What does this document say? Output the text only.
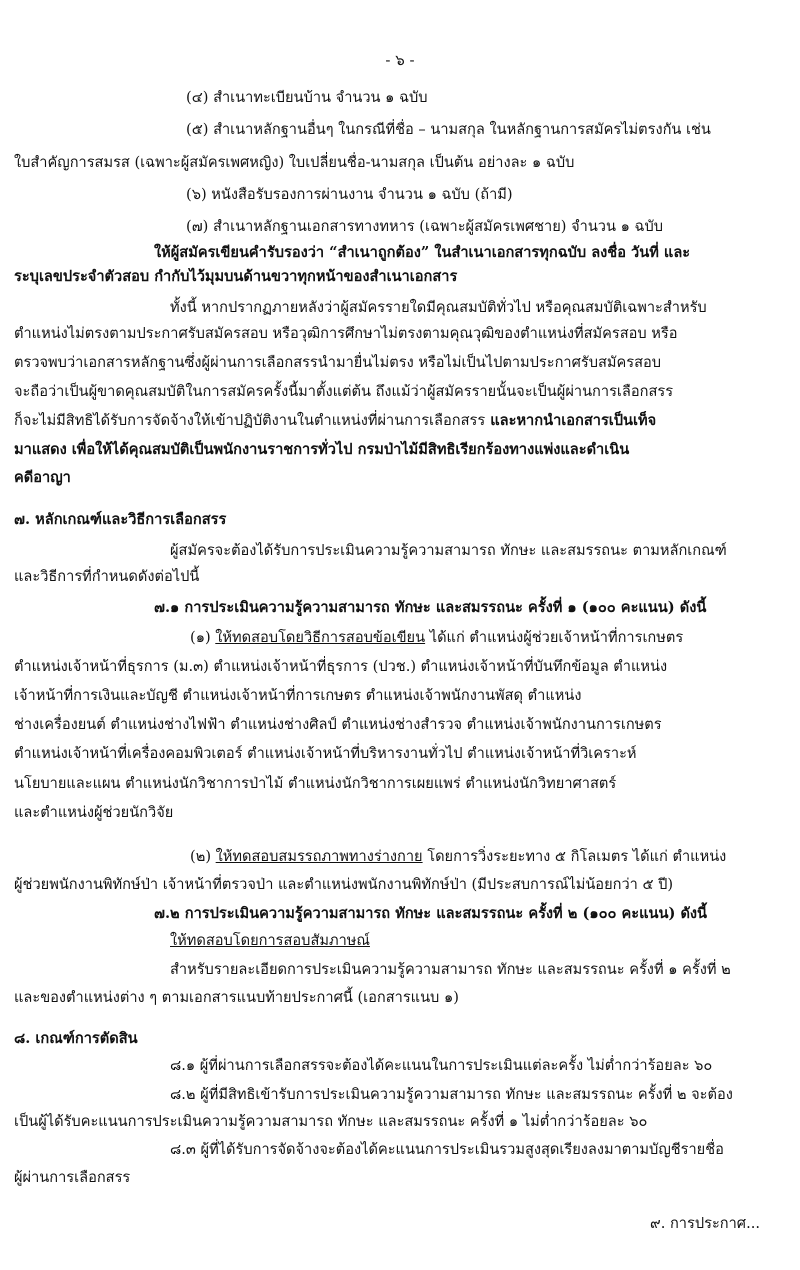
- ๖ -
(๔) สำเนาทะเบียนบ้าน จำนวน ๑ ฉบับ
(๕) สำเนาหลักฐานอื่นๆ ในกรณีที่ชื่อ – นามสกุล ในหลักฐานการสมัครไม่ตรงกัน เช่น
ใบสำคัญการสมรส (เฉพาะผู้สมัครเพศหญิง) ใบเปลี่ยนชื่อ-นามสกุล เป็นต้น อย่างละ ๑ ฉบับ
(๖) หนังสือรับรองการผ่านงาน จำนวน ๑ ฉบับ (ถ้ามี)
(๗) สำเนาหลักฐานเอกสารทางทหาร (เฉพาะผู้สมัครเพศชาย) จำนวน ๑ ฉบับ
ให้ผู้สมัครเขียนคำรับรองว่า “สำเนาถูกต้อง” ในสำเนาเอกสารทุกฉบับ ลงชื่อ วันที่ และ
ระบุเลขประจำตัวสอบ กำกับไว้มุมบนด้านขวาทุกหน้าของสำเนาเอกสาร
ทั้งนี้ หากปรากฏภายหลังว่าผู้สมัครรายใดมีคุณสมบัติทั่วไป หรือคุณสมบัติเฉพาะสำหรับ
ตำแหน่งไม่ตรงตามประกาศรับสมัครสอบ หรือวุฒิการศึกษาไม่ตรงตามคุณวุฒิของตำแหน่งที่สมัครสอบ หรือ
ตรวจพบว่าเอกสารหลักฐานซึ่งผู้ผ่านการเลือกสรรนำมายื่นไม่ตรง หรือไม่เป็นไปตามประกาศรับสมัครสอบ
จะถือว่าเป็นผู้ขาดคุณสมบัติในการสมัครครั้งนี้มาตั้งแต่ต้น ถึงแม้ว่าผู้สมัครรายนั้นจะเป็นผู้ผ่านการเลือกสรร
ก็จะไม่มีสิทธิได้รับการจัดจ้างให้เข้าปฏิบัติงานในตำแหน่งที่ผ่านการเลือกสรร และหากนำเอกสารเป็นเท็จ
มาแสดง เพื่อให้ได้คุณสมบัติเป็นพนักงานราชการทั่วไป กรมป่าไม้มีสิทธิเรียกร้องทางแพ่งและดำเนิน
คดีอาญา
๗. หลักเกณฑ์และวิธีการเลือกสรร
ผู้สมัครจะต้องได้รับการประเมินความรู้ความสามารถ ทักษะ และสมรรถนะ ตามหลักเกณฑ์
และวิธีการที่กำหนดดังต่อไปนี้
๗.๑ การประเมินความรู้ความสามารถ ทักษะ และสมรรถนะ ครั้งที่ ๑ (๑๐๐ คะแนน) ดังนี้
(๑) ให้ทดสอบโดยวิธีการสอบข้อเขียน ได้แก่ ตำแหน่งผู้ช่วยเจ้าหน้าที่การเกษตร
ตำแหน่งเจ้าหน้าที่ธุรการ (ม.๓) ตำแหน่งเจ้าหน้าที่ธุรการ (ปวช.) ตำแหน่งเจ้าหน้าที่บันทึกข้อมูล ตำแหน่ง
เจ้าหน้าที่การเงินและบัญชี ตำแหน่งเจ้าหน้าที่การเกษตร ตำแหน่งเจ้าพนักงานพัสดุ ตำแหน่ง
ช่างเครื่องยนต์ ตำแหน่งช่างไฟฟ้า ตำแหน่งช่างศิลป์ ตำแหน่งช่างสำรวจ ตำแหน่งเจ้าพนักงานการเกษตร
ตำแหน่งเจ้าหน้าที่เครื่องคอมพิวเตอร์ ตำแหน่งเจ้าหน้าที่บริหารงานทั่วไป ตำแหน่งเจ้าหน้าที่วิเคราะห์
นโยบายและแผน ตำแหน่งนักวิชาการป่าไม้ ตำแหน่งนักวิชาการเผยแพร่ ตำแหน่งนักวิทยาศาสตร์
และตำแหน่งผู้ช่วยนักวิจัย
(๒) ให้ทดสอบสมรรถภาพทางร่างกาย โดยการวิ่งระยะทาง ๕ กิโลเมตร ได้แก่ ตำแหน่ง
ผู้ช่วยพนักงานพิทักษ์ป่า เจ้าหน้าที่ตรวจป่า และตำแหน่งพนักงานพิทักษ์ป่า (มีประสบการณ์ไม่น้อยกว่า ๕ ปี)
๗.๒ การประเมินความรู้ความสามารถ ทักษะ และสมรรถนะ ครั้งที่ ๒ (๑๐๐ คะแนน) ดังนี้
ให้ทดสอบโดยการสอบสัมภาษณ์
สำหรับรายละเอียดการประเมินความรู้ความสามารถ ทักษะ และสมรรถนะ ครั้งที่ ๑ ครั้งที่ ๒
และของตำแหน่งต่าง ๆ ตามเอกสารแนบท้ายประกาศนี้ (เอกสารแนบ ๑)
๘. เกณฑ์การตัดสิน
๘.๑ ผู้ที่ผ่านการเลือกสรรจะต้องได้คะแนนในการประเมินแต่ละครั้ง ไม่ต่ำกว่าร้อยละ ๖๐
๘.๒ ผู้ที่มีสิทธิเข้ารับการประเมินความรู้ความสามารถ ทักษะ และสมรรถนะ ครั้งที่ ๒ จะต้อง
เป็นผู้ได้รับคะแนนการประเมินความรู้ความสามารถ ทักษะ และสมรรถนะ ครั้งที่ ๑ ไม่ต่ำกว่าร้อยละ ๖๐
๘.๓ ผู้ที่ได้รับการจัดจ้างจะต้องได้คะแนนการประเมินรวมสูงสุดเรียงลงมาตามบัญชีรายชื่อ
ผู้ผ่านการเลือกสรร
๙. การประกาศ...
